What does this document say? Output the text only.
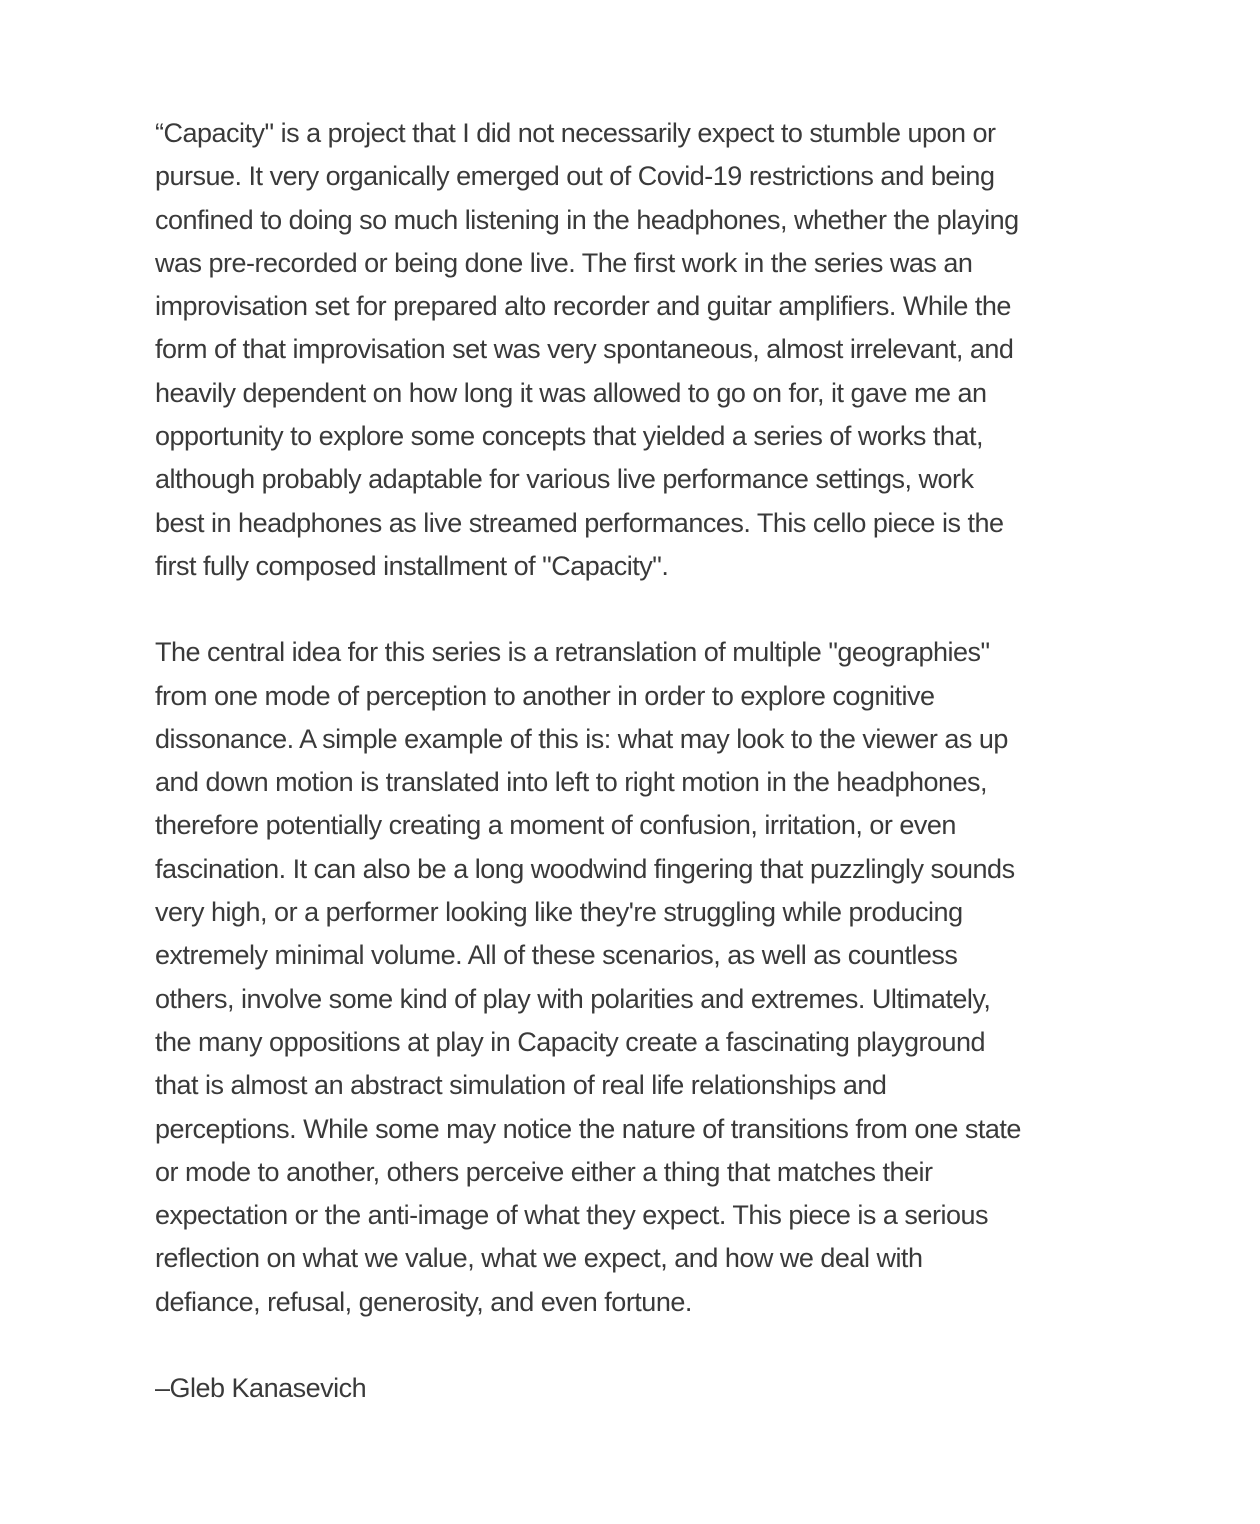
“Capacity" is a project that I did not necessarily expect to stumble upon or
pursue. It very organically emerged out of Covid-19 restrictions and being
confined to doing so much listening in the headphones, whether the playing
was pre-recorded or being done live. The first work in the series was an
improvisation set for prepared alto recorder and guitar amplifiers. While the
form of that improvisation set was very spontaneous, almost irrelevant, and
heavily dependent on how long it was allowed to go on for, it gave me an
opportunity to explore some concepts that yielded a series of works that,
although probably adaptable for various live performance settings, work
best in headphones as live streamed performances. This cello piece is the
first fully composed installment of "Capacity".

The central idea for this series is a retranslation of multiple "geographies"
from one mode of perception to another in order to explore cognitive
dissonance. A simple example of this is: what may look to the viewer as up
and down motion is translated into left to right motion in the headphones,
therefore potentially creating a moment of confusion, irritation, or even
fascination. It can also be a long woodwind fingering that puzzlingly sounds
very high, or a performer looking like they're struggling while producing
extremely minimal volume. All of these scenarios, as well as countless
others, involve some kind of play with polarities and extremes. Ultimately,
the many oppositions at play in Capacity create a fascinating playground
that is almost an abstract simulation of real life relationships and
perceptions. While some may notice the nature of transitions from one state
or mode to another, others perceive either a thing that matches their
expectation or the anti-image of what they expect. This piece is a serious
reflection on what we value, what we expect, and how we deal with
defiance, refusal, generosity, and even fortune.

–Gleb Kanasevich
